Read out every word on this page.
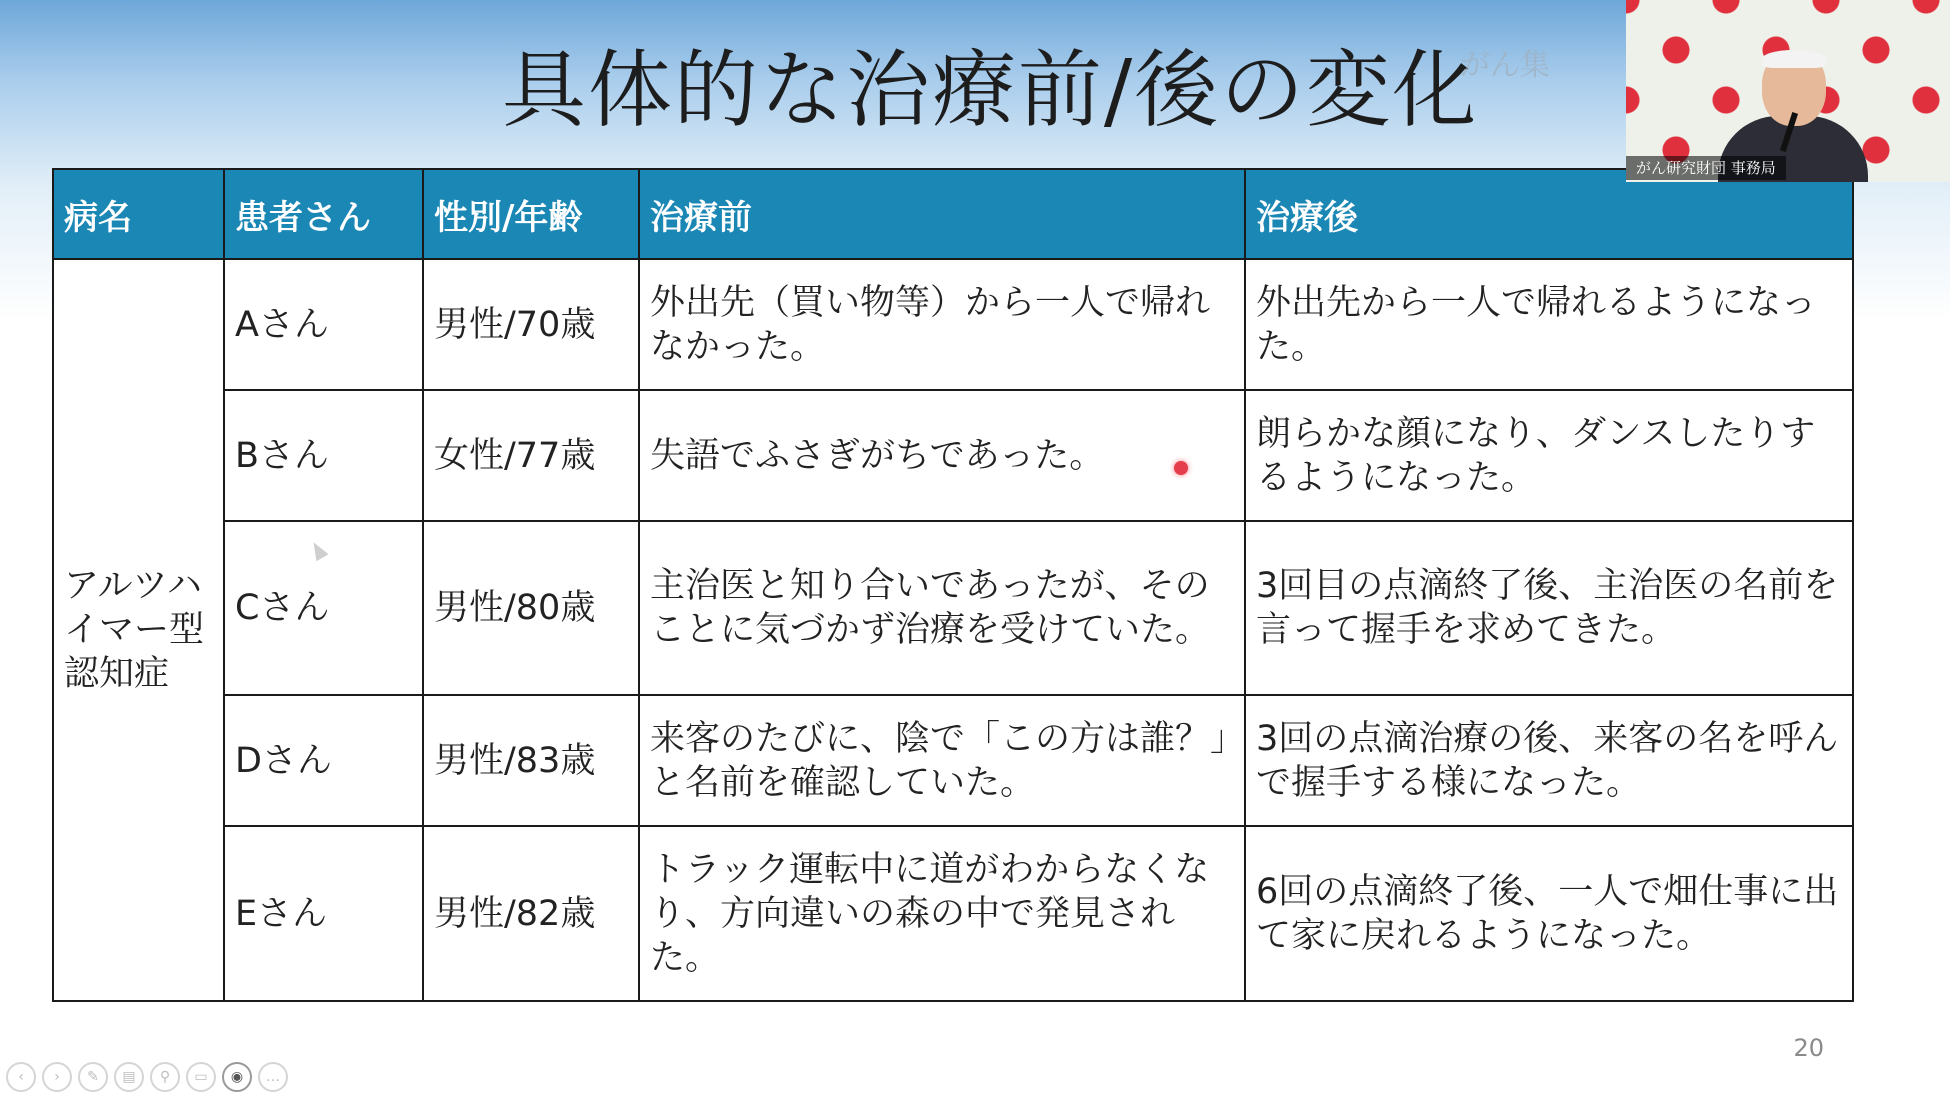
具体的な治療前/後の変化
病名	患者さん	性別/年齢	治療前	治療後
アルツハイマー型認知症	Aさん	男性/70歳	外出先（買い物等）から一人で帰れなかった。	外出先から一人で帰れるようになった。
	Bさん	女性/77歳	失語でふさぎがちであった。	朗らかな顔になり、ダンスしたりするようになった。
	Cさん	男性/80歳	主治医と知り合いであったが、そのことに気づかず治療を受けていた。	3回目の点滴終了後、主治医の名前を言って握手を求めてきた。
	Dさん	男性/83歳	来客のたびに、陰で「この方は誰？」と名前を確認していた。	3回の点滴治療の後、来客の名を呼んで握手する様になった。
	Eさん	男性/82歳	トラック運転中に道がわからなくなり、方向違いの森の中で発見された。	6回の点滴終了後、一人で畑仕事に出て家に戻れるようになった。
20
‹	›	✎	▤	⚲	▭	◉	…
がん集
がん研究財団 事務局
